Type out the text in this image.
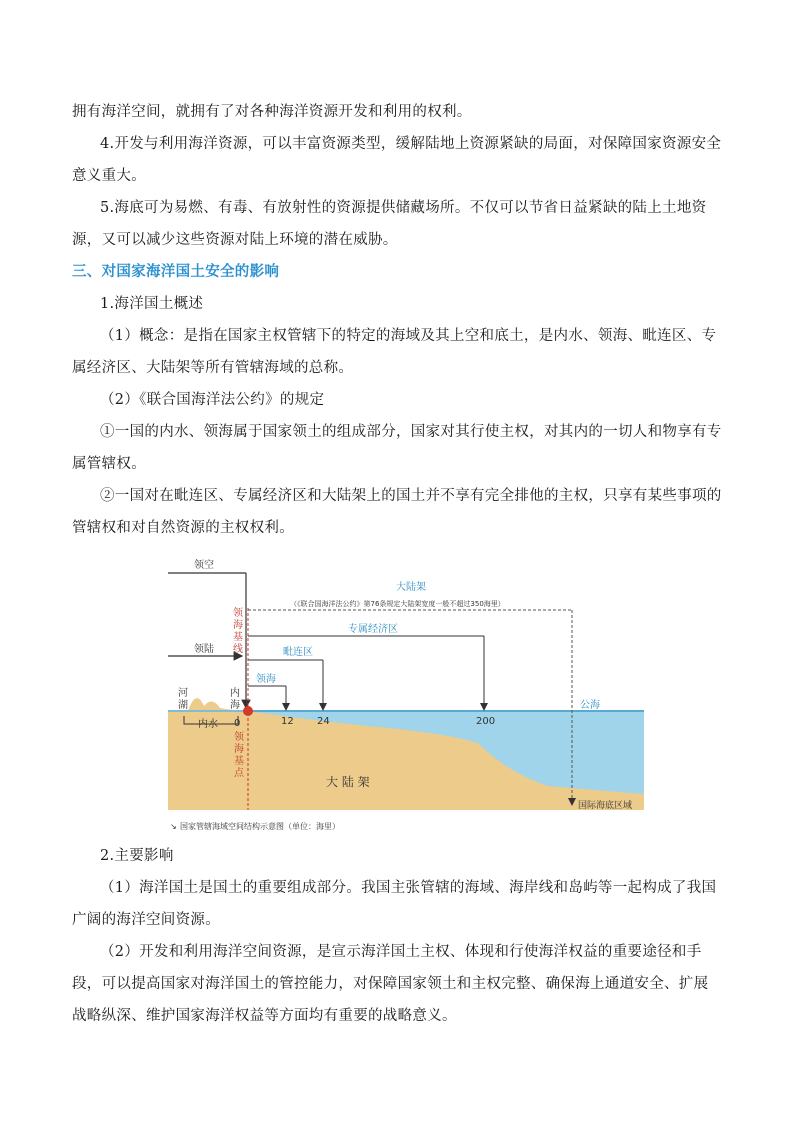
拥有海洋空间，就拥有了对各种海洋资源开发和利用的权利。

4.开发与利用海洋资源，可以丰富资源类型，缓解陆地上资源紧缺的局面，对保障国家资源安全意义重大。

5.海底可为易燃、有毒、有放射性的资源提供储藏场所。不仅可以节省日益紧缺的陆上土地资源，又可以减少这些资源对陆上环境的潜在威胁。

三、对国家海洋国土安全的影响

1.海洋国土概述

（1）概念：是指在国家主权管辖下的特定的海域及其上空和底土，是内水、领海、毗连区、专属经济区、大陆架等所有管辖海域的总称。

（2）《联合国海洋法公约》的规定

①一国的内水、领海属于国家领土的组成部分，国家对其行使主权，对其内的一切人和物享有专属管辖权。

②一国对在毗连区、专属经济区和大陆架上的国土并不享有完全排他的主权，只享有某些事项的管辖权和对自然资源的主权权利。

领空
领陆
大陆架
（《联合国海洋法公约》第76条规定大陆架宽度一般不超过350海里）
专属经济区
毗连区
领海
领
海
基
线
河
湖
内
海
内水 0	12 24	200
公海
领
海
基
点
大 陆 架
国际海底区域
↘ 国家管辖海域空间结构示意图（单位：海里）

2.主要影响

（1）海洋国土是国土的重要组成部分。我国主张管辖的海域、海岸线和岛屿等一起构成了我国广阔的海洋空间资源。

（2）开发和利用海洋空间资源，是宣示海洋国土主权、体现和行使海洋权益的重要途径和手段，可以提高国家对海洋国土的管控能力，对保障国家领土和主权完整、确保海上通道安全、扩展战略纵深、维护国家海洋权益等方面均有重要的战略意义。
